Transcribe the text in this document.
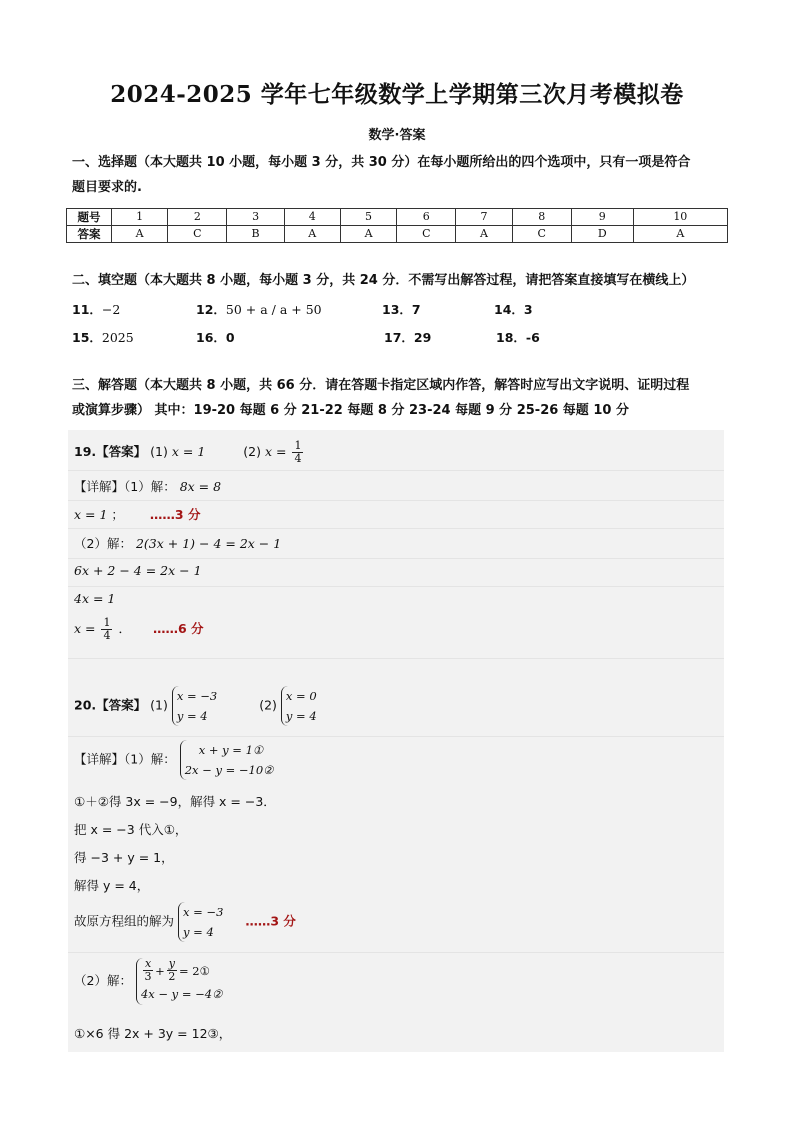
2024-2025 学年七年级数学上学期第三次月考模拟卷
数学·答案
一、选择题（本大题共 10 小题，每小题 3 分，共 30 分）在每小题所给出的四个选项中，只有一项是符合
题目要求的.
题号	1	2	3	4	5	6	7	8	9	10
答案	A	C	B	A	A	C	A	C	D	A
二、填空题（本大题共 8 小题，每小题 3 分，共 24 分．不需写出解答过程，请把答案直接填写在横线上）
11．−2	12．50 + a / a + 50	13．7	14．3
15．2025	16．0	17．29	18．-6
三、解答题（本大题共 8 小题，共 66 分．请在答题卡指定区域内作答，解答时应写出文字说明、证明过程
或演算步骤） 其中：19-20 每题 6 分 21-22 每题 8 分 23-24 每题 9 分 25-26 每题 10 分
19.【答案】 (1) x = 1	(2) $x = \frac{1}{4}$
【详解】（1）解： 8x = 8
x = 1 ； ……3 分
（2）解： 2(3x + 1) − 4 = 2x − 1
6x + 2 − 4 = 2x − 1
4x = 1
$x = \frac{1}{4}$ ． ……6 分
20.【答案】 (1)
x = −3
y = 4
(2)
x = 0
y = 4
【详解】（1）解：
x + y = 1①
2x − y = −10②
①＋②得 3x = −9，解得 x = −3．
把 x = −3 代入①，
得 −3 + y = 1，
解得 y = 4，
故原方程组的解为
x = −3
y = 4
……3 分
（2）解： $\frac{x}{3} + \frac{y}{2}$ = 2①
4x − y = −4②
①×6 得 2x + 3y = 12③，
